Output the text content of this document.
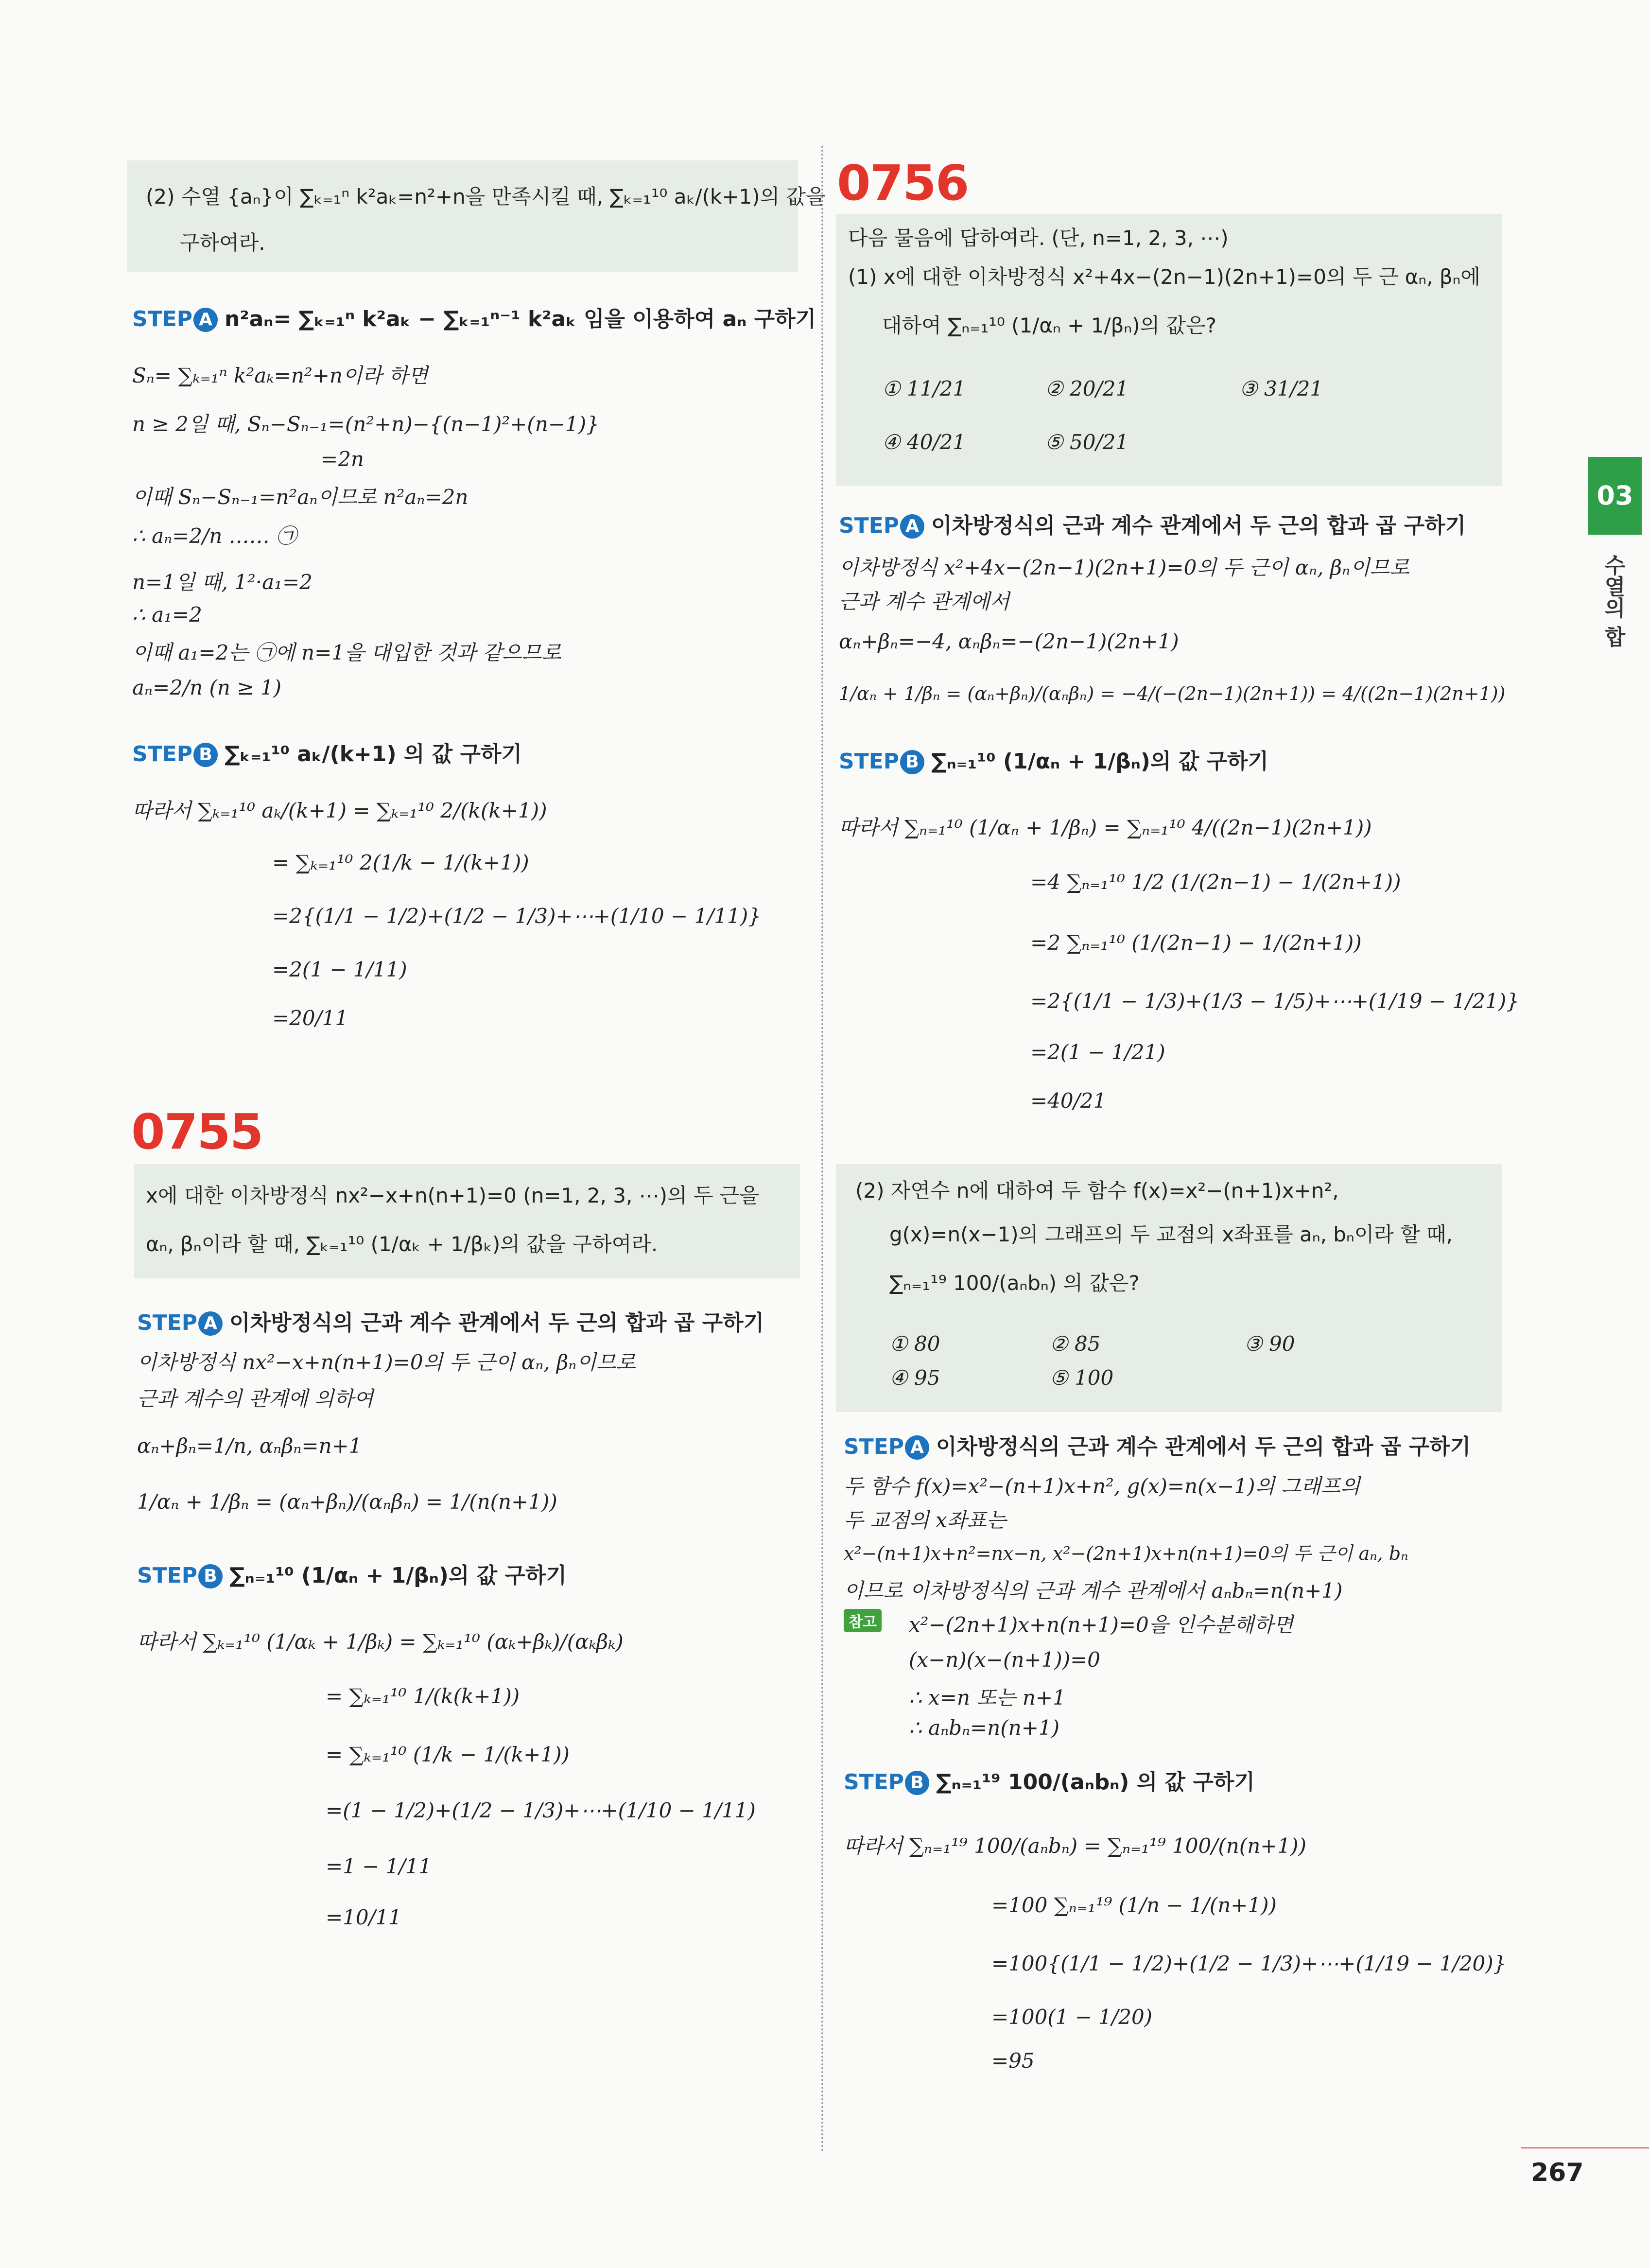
(2) 수열 {aₙ}이 ∑ₖ₌₁ⁿ k²aₖ=n²+n을 만족시킬 때, ∑ₖ₌₁¹⁰ aₖ/(k+1)의 값을
구하여라.
STEP A n²aₙ= ∑ₖ₌₁ⁿ k²aₖ − ∑ₖ₌₁ⁿ⁻¹ k²aₖ 임을 이용하여 aₙ 구하기
Sₙ= ∑ₖ₌₁ⁿ k²aₖ=n²+n이라 하면
n ≥ 2일 때, Sₙ−Sₙ₋₁=(n²+n)−{(n−1)²+(n−1)}
=2n
이때 Sₙ−Sₙ₋₁=n²aₙ이므로 n²aₙ=2n
∴ aₙ=2/n …… ㉠
n=1일 때, 1²·a₁=2
∴ a₁=2
이때 a₁=2는 ㉠에 n=1을 대입한 것과 같으므로
aₙ=2/n (n ≥ 1)
STEP B ∑ₖ₌₁¹⁰ aₖ/(k+1) 의 값 구하기
따라서 ∑ₖ₌₁¹⁰ aₖ/(k+1) = ∑ₖ₌₁¹⁰ 2/(k(k+1))
= ∑ₖ₌₁¹⁰ 2(1/k − 1/(k+1))
=2{(1/1 − 1/2)+(1/2 − 1/3)+⋯+(1/10 − 1/11)}
=2(1 − 1/11)
=20/11
0755
x에 대한 이차방정식 nx²−x+n(n+1)=0 (n=1, 2, 3, ⋯)의 두 근을
αₙ, βₙ이라 할 때, ∑ₖ₌₁¹⁰ (1/αₖ + 1/βₖ)의 값을 구하여라.
STEP A 이차방정식의 근과 계수 관계에서 두 근의 합과 곱 구하기
이차방정식 nx²−x+n(n+1)=0의 두 근이 αₙ, βₙ이므로
근과 계수의 관계에 의하여
αₙ+βₙ=1/n, αₙβₙ=n+1
1/αₙ + 1/βₙ = (αₙ+βₙ)/(αₙβₙ) = 1/(n(n+1))
STEP B ∑ₙ₌₁¹⁰ (1/αₙ + 1/βₙ)의 값 구하기
따라서 ∑ₖ₌₁¹⁰ (1/αₖ + 1/βₖ) = ∑ₖ₌₁¹⁰ (αₖ+βₖ)/(αₖβₖ)
= ∑ₖ₌₁¹⁰ 1/(k(k+1))
= ∑ₖ₌₁¹⁰ (1/k − 1/(k+1))
=(1 − 1/2)+(1/2 − 1/3)+⋯+(1/10 − 1/11)
=1 − 1/11
=10/11
0756
다음 물음에 답하여라. (단, n=1, 2, 3, ⋯)
(1) x에 대한 이차방정식 x²+4x−(2n−1)(2n+1)=0의 두 근 αₙ, βₙ에
대하여 ∑ₙ₌₁¹⁰ (1/αₙ + 1/βₙ)의 값은?
① 11/21	② 20/21	③ 31/21
④ 40/21	⑤ 50/21
STEP A 이차방정식의 근과 계수 관계에서 두 근의 합과 곱 구하기
이차방정식 x²+4x−(2n−1)(2n+1)=0의 두 근이 αₙ, βₙ이므로
근과 계수 관계에서
αₙ+βₙ=−4, αₙβₙ=−(2n−1)(2n+1)
1/αₙ + 1/βₙ = (αₙ+βₙ)/(αₙβₙ) = −4/(−(2n−1)(2n+1)) = 4/((2n−1)(2n+1))
STEP B ∑ₙ₌₁¹⁰ (1/αₙ + 1/βₙ)의 값 구하기
따라서 ∑ₙ₌₁¹⁰ (1/αₙ + 1/βₙ) = ∑ₙ₌₁¹⁰ 4/((2n−1)(2n+1))
=4 ∑ₙ₌₁¹⁰ 1/2 (1/(2n−1) − 1/(2n+1))
=2 ∑ₙ₌₁¹⁰ (1/(2n−1) − 1/(2n+1))
=2{(1/1 − 1/3)+(1/3 − 1/5)+⋯+(1/19 − 1/21)}
=2(1 − 1/21)
=40/21
(2) 자연수 n에 대하여 두 함수 f(x)=x²−(n+1)x+n²,
g(x)=n(x−1)의 그래프의 두 교점의 x좌표를 aₙ, bₙ이라 할 때,
∑ₙ₌₁¹⁹ 100/(aₙbₙ) 의 값은?
① 80	② 85	③ 90
④ 95	⑤ 100
STEP A 이차방정식의 근과 계수 관계에서 두 근의 합과 곱 구하기
두 함수 f(x)=x²−(n+1)x+n², g(x)=n(x−1)의 그래프의
두 교점의 x좌표는
x²−(n+1)x+n²=nx−n, x²−(2n+1)x+n(n+1)=0의 두 근이 aₙ, bₙ
이므로 이차방정식의 근과 계수 관계에서 aₙbₙ=n(n+1)
참고 x²−(2n+1)x+n(n+1)=0을 인수분해하면
(x−n)(x−(n+1))=0
∴ x=n 또는 n+1
∴ aₙbₙ=n(n+1)
STEP B ∑ₙ₌₁¹⁹ 100/(aₙbₙ) 의 값 구하기
따라서 ∑ₙ₌₁¹⁹ 100/(aₙbₙ) = ∑ₙ₌₁¹⁹ 100/(n(n+1))
=100 ∑ₙ₌₁¹⁹ (1/n − 1/(n+1))
=100{(1/1 − 1/2)+(1/2 − 1/3)+⋯+(1/19 − 1/20)}
=100(1 − 1/20)
=95
03
수열의 합
267
